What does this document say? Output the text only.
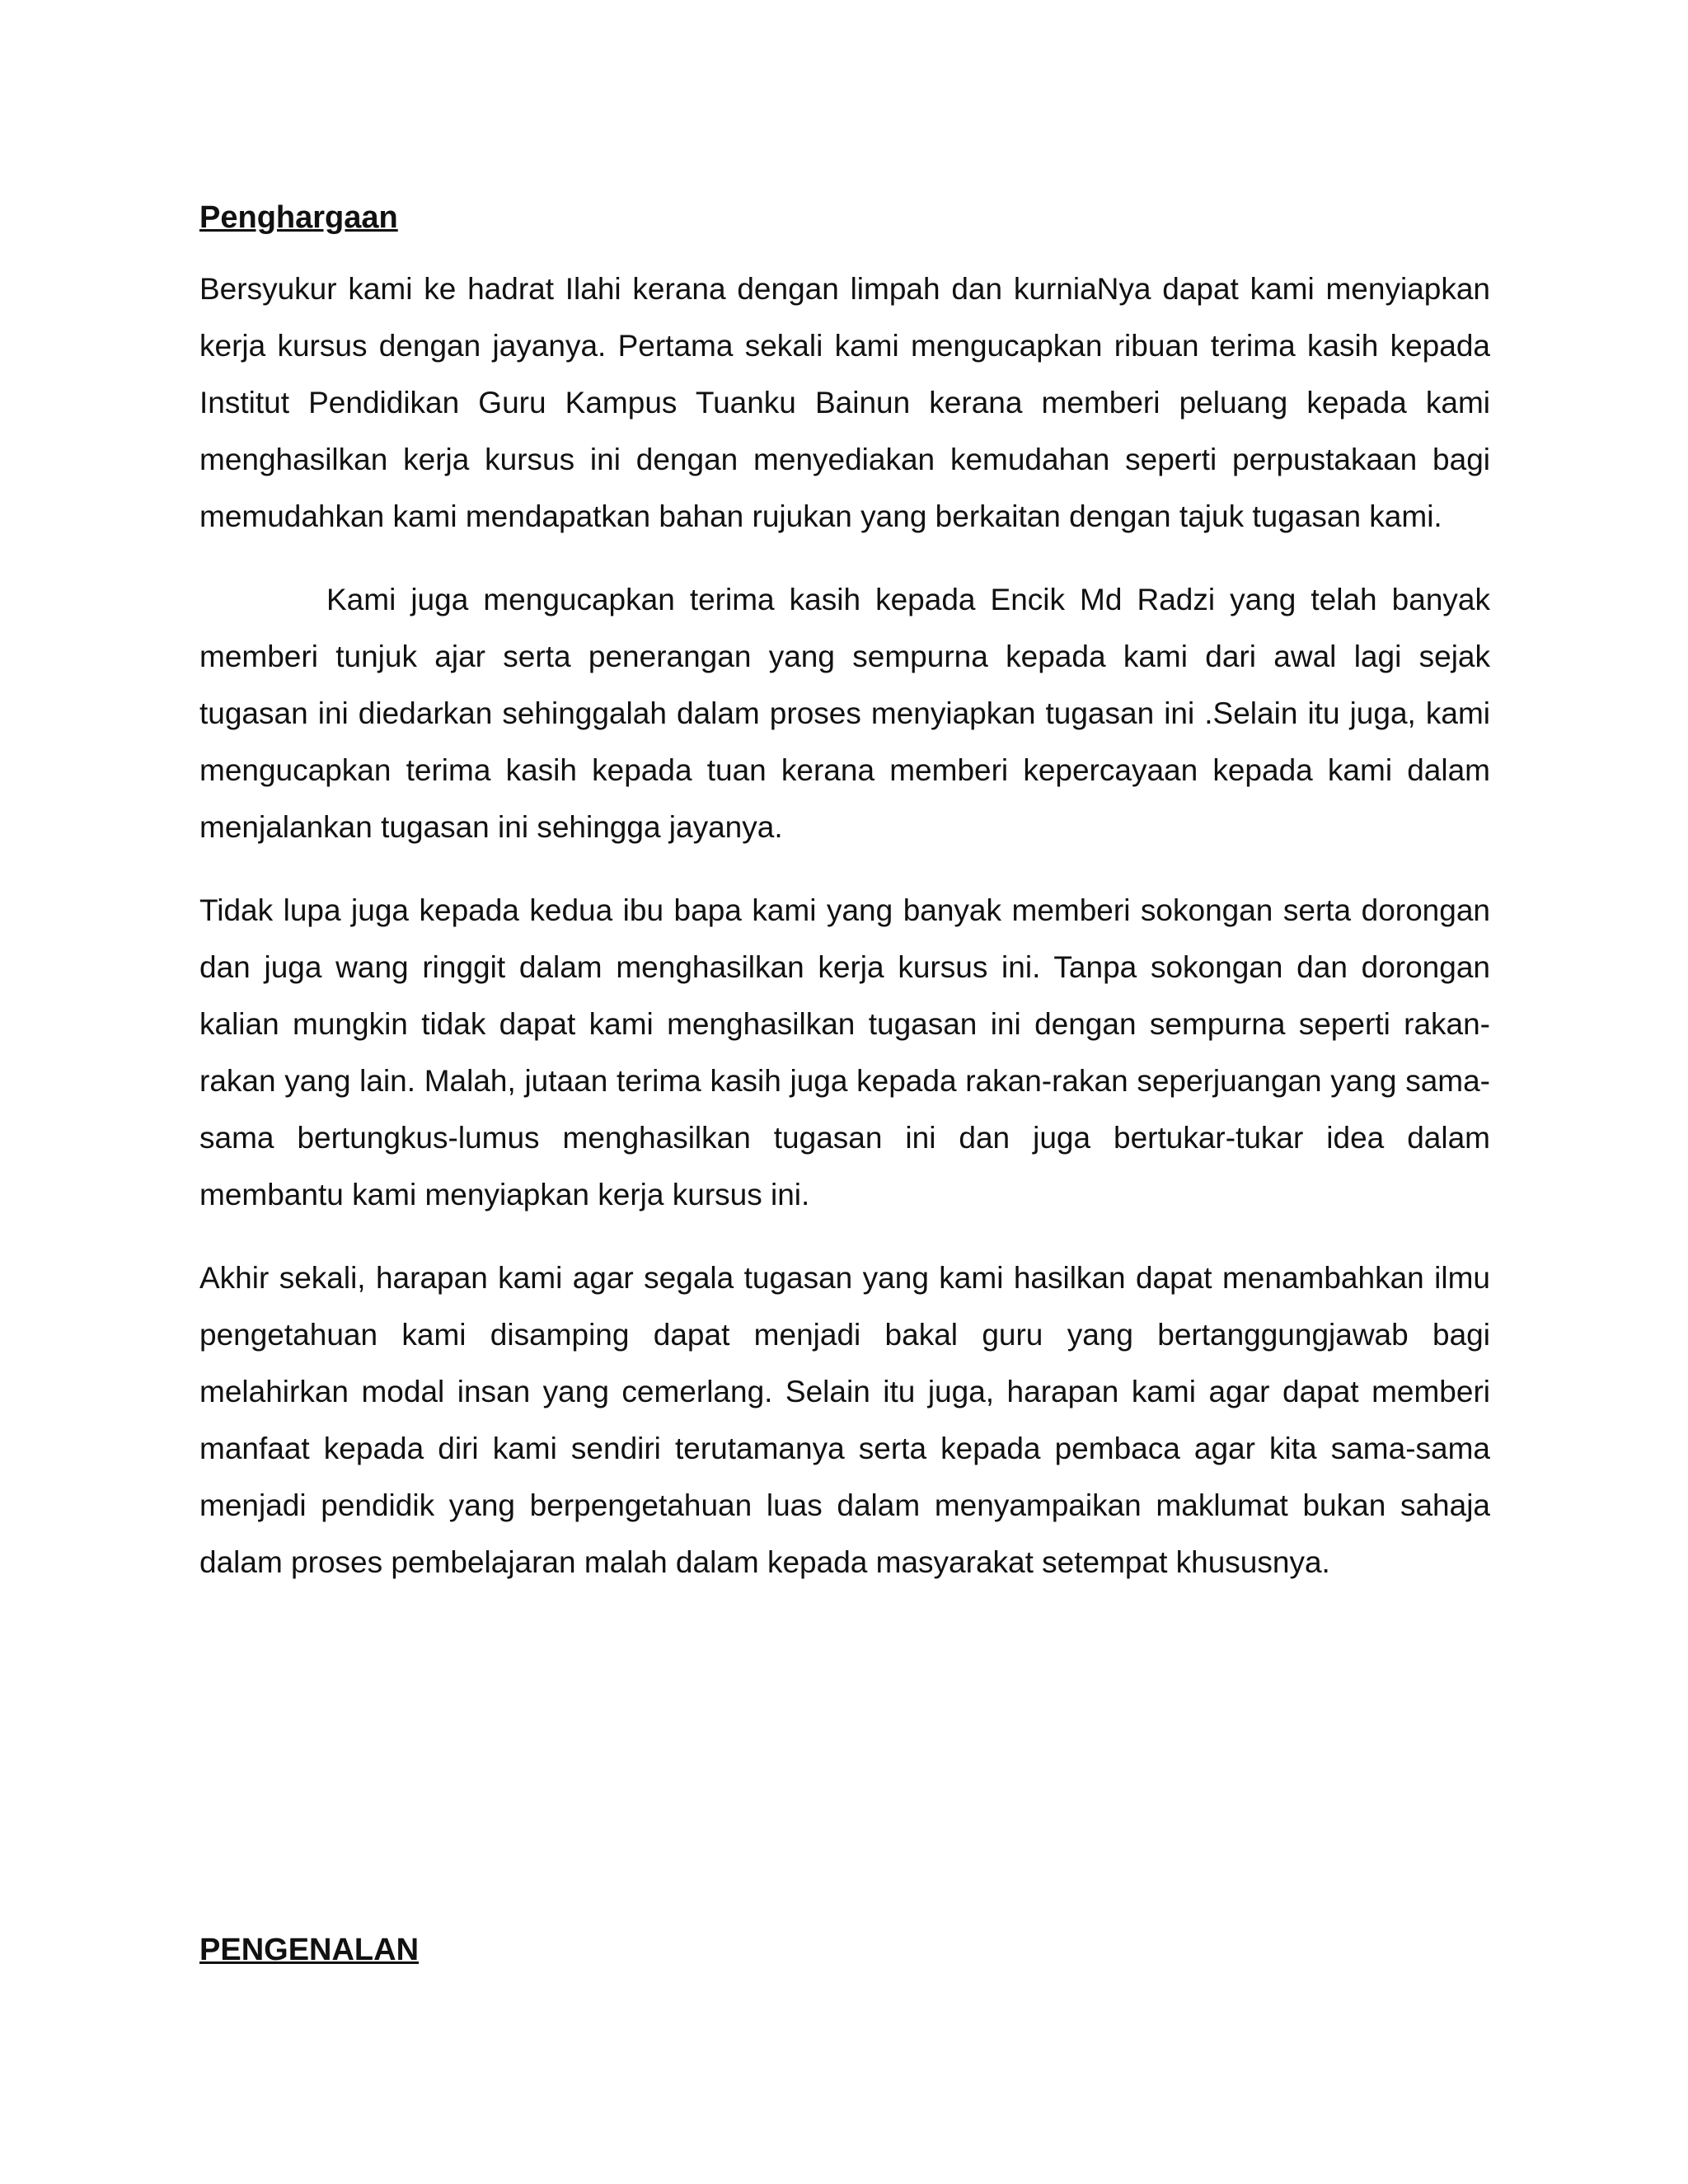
Penghargaan

Bersyukur kami ke hadrat Ilahi kerana dengan limpah dan kurniaNya dapat kami menyiapkan kerja kursus dengan jayanya. Pertama sekali kami mengucapkan ribuan terima kasih kepada Institut Pendidikan Guru Kampus Tuanku Bainun kerana memberi peluang kepada kami menghasilkan kerja kursus ini dengan menyediakan kemudahan seperti perpustakaan bagi memudahkan kami mendapatkan bahan rujukan yang berkaitan dengan tajuk tugasan kami.

Kami juga mengucapkan terima kasih kepada Encik Md Radzi yang telah banyak memberi tunjuk ajar serta penerangan yang sempurna kepada kami dari awal lagi sejak tugasan ini diedarkan sehinggalah dalam proses menyiapkan tugasan ini .Selain itu juga, kami mengucapkan terima kasih kepada tuan kerana memberi kepercayaan kepada kami dalam menjalankan tugasan ini sehingga jayanya.

Tidak lupa juga kepada kedua ibu bapa kami yang banyak memberi sokongan serta dorongan dan juga wang ringgit dalam menghasilkan kerja kursus ini. Tanpa sokongan dan dorongan kalian mungkin tidak dapat kami menghasilkan tugasan ini dengan sempurna seperti rakan-rakan yang lain. Malah, jutaan terima kasih juga kepada rakan-rakan seperjuangan yang sama-sama bertungkus-lumus menghasilkan tugasan ini dan juga bertukar-tukar idea dalam membantu kami menyiapkan kerja kursus ini.

Akhir sekali, harapan kami agar segala tugasan yang kami hasilkan dapat menambahkan ilmu pengetahuan kami disamping dapat menjadi bakal guru yang bertanggungjawab bagi melahirkan modal insan yang cemerlang. Selain itu juga, harapan kami agar dapat memberi manfaat kepada diri kami sendiri terutamanya serta kepada pembaca agar kita sama-sama menjadi pendidik yang berpengetahuan luas dalam menyampaikan maklumat bukan sahaja dalam proses pembelajaran malah dalam kepada masyarakat setempat khususnya.

PENGENALAN
